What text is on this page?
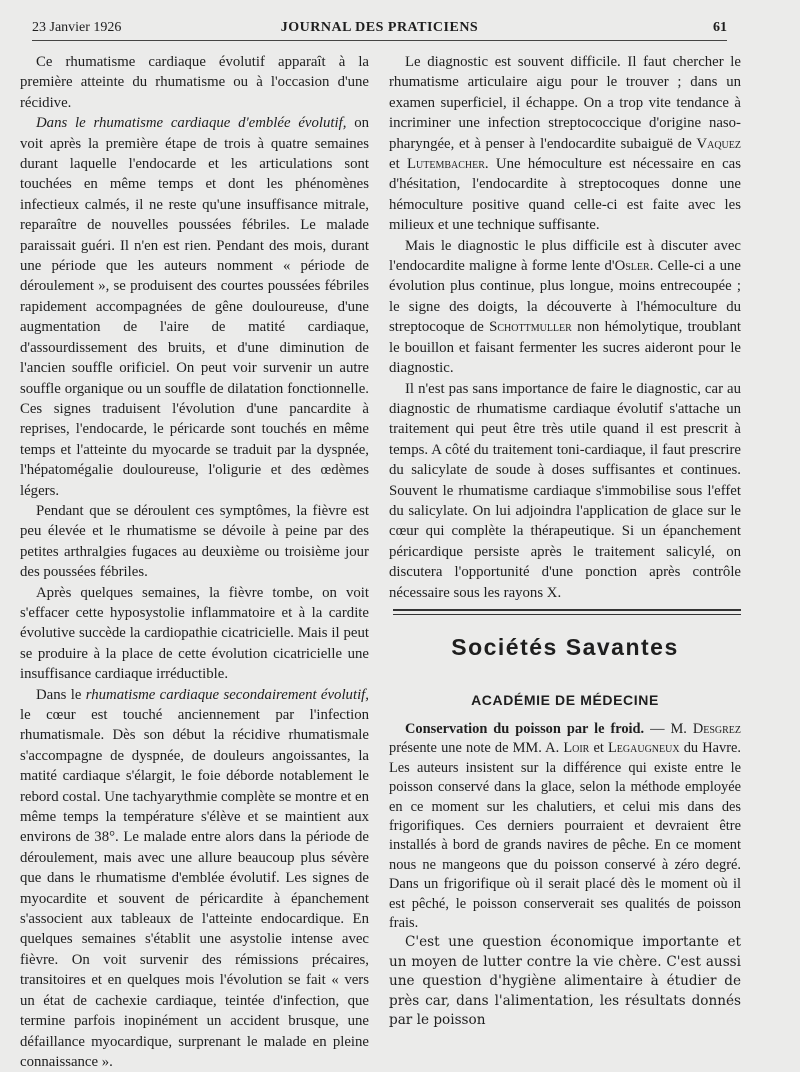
23 Janvier 1926	JOURNAL DES PRATICIENS	61

Ce rhumatisme cardiaque évolutif apparaît à la première atteinte du rhumatisme ou à l'occasion d'une récidive.

Dans le rhumatisme cardiaque d'emblée évolutif, on voit après la première étape de trois à quatre semaines durant laquelle l'endocarde et les articulations sont touchées en même temps et dont les phénomènes infectieux calmés, il ne reste qu'une insuffisance mitrale, reparaître de nouvelles poussées fébriles. Le malade paraissait guéri. Il n'en est rien. Pendant des mois, durant une période que les auteurs nomment « période de déroulement », se produisent des courtes poussées fébriles rapidement accompagnées de gêne douloureuse, d'une augmentation de l'aire de matité cardiaque, d'assourdissement des bruits, et d'une diminution de l'ancien souffle orificiel. On peut voir survenir un autre souffle organique ou un souffle de dilatation fonctionnelle. Ces signes traduisent l'évolution d'une pancardite à reprises, l'endocarde, le péricarde sont touchés en même temps et l'atteinte du myocarde se traduit par la dyspnée, l'hépatomégalie douloureuse, l'oligurie et des œdèmes légers.

Pendant que se déroulent ces symptômes, la fièvre est peu élevée et le rhumatisme se dévoile à peine par des petites arthralgies fugaces au deuxième ou troisième jour des poussées fébriles.

Après quelques semaines, la fièvre tombe, on voit s'effacer cette hyposystolie inflammatoire et à la cardite évolutive succède la cardiopathie cicatricielle. Mais il peut se produire à la place de cette évolution cicatricielle une insuffisance cardiaque irréductible.

Dans le rhumatisme cardiaque secondairement évolutif, le cœur est touché anciennement par l'infection rhumatismale. Dès son début la récidive rhumatismale s'accompagne de dyspnée, de douleurs angoissantes, la matité cardiaque s'élargit, le foie déborde notablement le rebord costal. Une tachyarythmie complète se montre et en même temps la température s'élève et se maintient aux environs de 38°. Le malade entre alors dans la période de déroulement, mais avec une allure beaucoup plus sévère que dans le rhumatisme d'emblée évolutif. Les signes de myocardite et souvent de péricardite à épanchement s'associent aux tableaux de l'atteinte endocardique. En quelques semaines s'établit une asystolie intense avec fièvre. On voit survenir des rémissions précaires, transitoires et en quelques mois l'évolution se fait « vers un état de cachexie cardiaque, teintée d'infection, que termine parfois inopinément un accident brusque, une défaillance myocardique, surprenant le malade en pleine connaissance ».

Le diagnostic est souvent difficile. Il faut chercher le rhumatisme articulaire aigu pour le trouver ; dans un examen superficiel, il échappe. On a trop vite tendance à incriminer une infection streptococcique d'origine naso-pharyngée, et à penser à l'endocardite subaiguë de Vaquez et Lutembacher. Une hémoculture est nécessaire en cas d'hésitation, l'endocardite à streptocoques donne une hémoculture positive quand celle-ci est faite avec les milieux et une technique suffisante.

Mais le diagnostic le plus difficile est à discuter avec l'endocardite maligne à forme lente d'Osler. Celle-ci a une évolution plus continue, plus longue, moins entrecoupée ; le signe des doigts, la découverte à l'hémoculture du streptocoque de Schottmuller non hémolytique, troublant le bouillon et faisant fermenter les sucres aideront pour le diagnostic.

Il n'est pas sans importance de faire le diagnostic, car au diagnostic de rhumatisme cardiaque évolutif s'attache un traitement qui peut être très utile quand il est prescrit à temps. A côté du traitement toni-cardiaque, il faut prescrire du salicylate de soude à doses suffisantes et continues. Souvent le rhumatisme cardiaque s'immobilise sous l'effet du salicylate. On lui adjoindra l'application de glace sur le cœur qui complète la thérapeutique. Si un épanchement péricardique persiste après le traitement salicylé, on discutera l'opportunité d'une ponction après contrôle nécessaire sous les rayons X.

Sociétés Savantes
ACADÉMIE DE MÉDECINE

Conservation du poisson par le froid. — M. Desgrez présente une note de MM. A. Loir et Legaugneux du Havre. Les auteurs insistent sur la différence qui existe entre le poisson conservé dans la glace, selon la méthode employée en ce moment sur les chalutiers, et celui mis dans des frigorifiques. Ces derniers pourraient et devraient être installés à bord de grands navires de pêche. En ce moment nous ne mangeons que du poisson conservé à zéro degré. Dans un frigorifique où il serait placé dès le moment où il est pêché, le poisson conserverait ses qualités de poisson frais.

C'est une question économique importante et un moyen de lutter contre la vie chère. C'est aussi une question d'hygiène alimentaire à étudier de près car, dans l'alimentation, les résultats donnés par le poisson
